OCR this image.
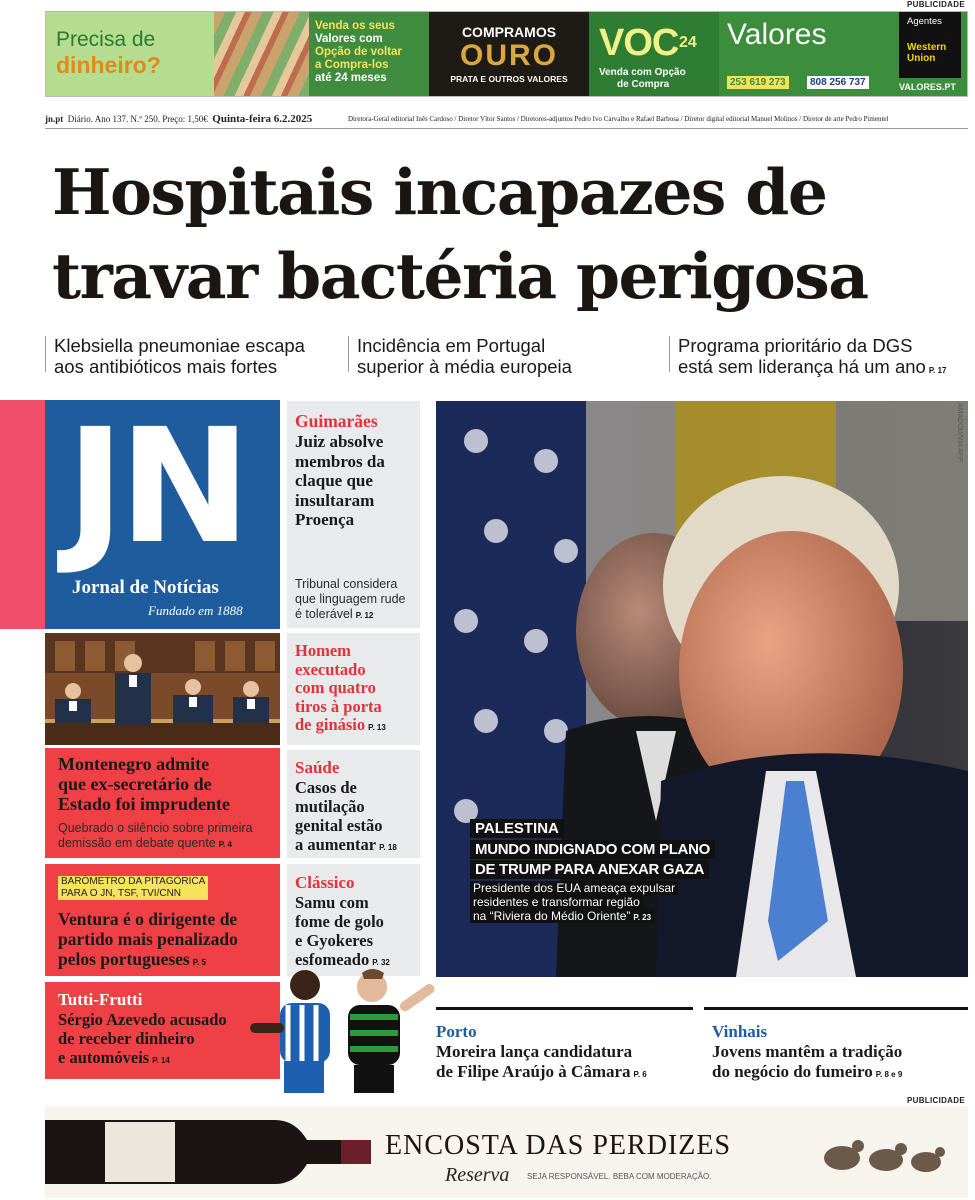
PUBLICIDADE
Precisa de
dinheiro?
Venda os seus
Valores com
Opção de voltar
a Compra-los
até 24 meses
COMPRAMOS
OURO
PRATA E OUTROS VALORES
VOC 24
Venda com Opção
de Compra
Valores
253 619 273	808 256 737
Agentes
Western
Union
VALORES.PT
jn.pt Diário. Ano 137. N.º 250. Preço: 1,50€ Quinta-feira 6.2.2025	Diretora-Geral editorial Inês Cardoso / Diretor Vítor Santos / Diretores-adjuntos Pedro Ivo Carvalho e Rafael Barbosa / Diretor digital editorial Manuel Molinos / Diretor de arte Pedro Pimentel
Hospitais incapazes de
travar bactéria perigosa
Klebsiella pneumoniae escapa
aos antibióticos mais fortes
Incidência em Portugal
superior à média europeia
Programa prioritário da DGS
está sem liderança há um ano P. 17
JN
Jornal de Notícias
Fundado em 1888
Montenegro admite
que ex-secretário de
Estado foi imprudente
Quebrado o silêncio sobre primeira
demissão em debate quente P. 4
BARÓMETRO DA PITAGÓRICA
PARA O JN, TSF, TVI/CNN
Ventura é o dirigente de
partido mais penalizado
pelos portugueses P. 5
Tutti-Frutti
Sérgio Azevedo acusado
de receber dinheiro
e automóveis P. 14
Guimarães
Juiz absolve
membros da
claque que
insultaram
Proença
Tribunal considera
que linguagem rude
é tolerável P. 12
Homem
executado
com quatro
tiros à porta
de ginásio P. 13
Saúde
Casos de
mutilação
genital estão
a aumentar P. 18
Clássico
Samu com
fome de golo
e Gyokeres
esfomeado P. 32
AMADOU/VIA AFP
PALESTINA
MUNDO INDIGNADO COM PLANO
DE TRUMP PARA ANEXAR GAZA
Presidente dos EUA ameaça expulsar
residentes e transformar região
na “Riviera do Médio Oriente” P. 23
Porto
Moreira lança candidatura
de Filipe Araújo à Câmara P. 6
Vinhais
Jovens mantêm a tradição
do negócio do fumeiro P. 8 e 9
PUBLICIDADE
ENCOSTA DAS PERDIZES
Reserva SEJA RESPONSÁVEL. BEBA COM MODERAÇÃO.
